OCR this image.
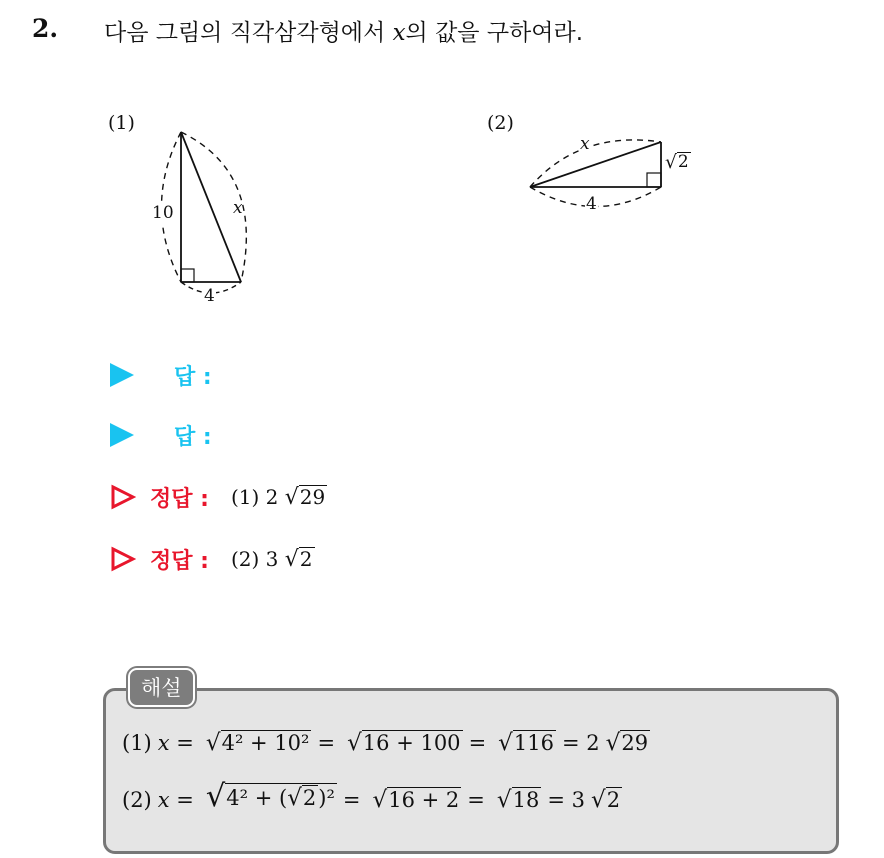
2. 다음 그림의 직각삼각형에서 x의 값을 구하여라.
(1)
10	x
4
(2)
x
4
√ 2
답 :
답 :
정답 : (1) 2 √ 29
정답 : (2) 3 √ 2
해설
(1) x = √ 4² + 10² = √ 16 + 100 = √ 116 = 2 √ 29
(2) x = √ 4² + ( √ 2 )² = √ 16 + 2 = √ 18 = 3 √ 2
